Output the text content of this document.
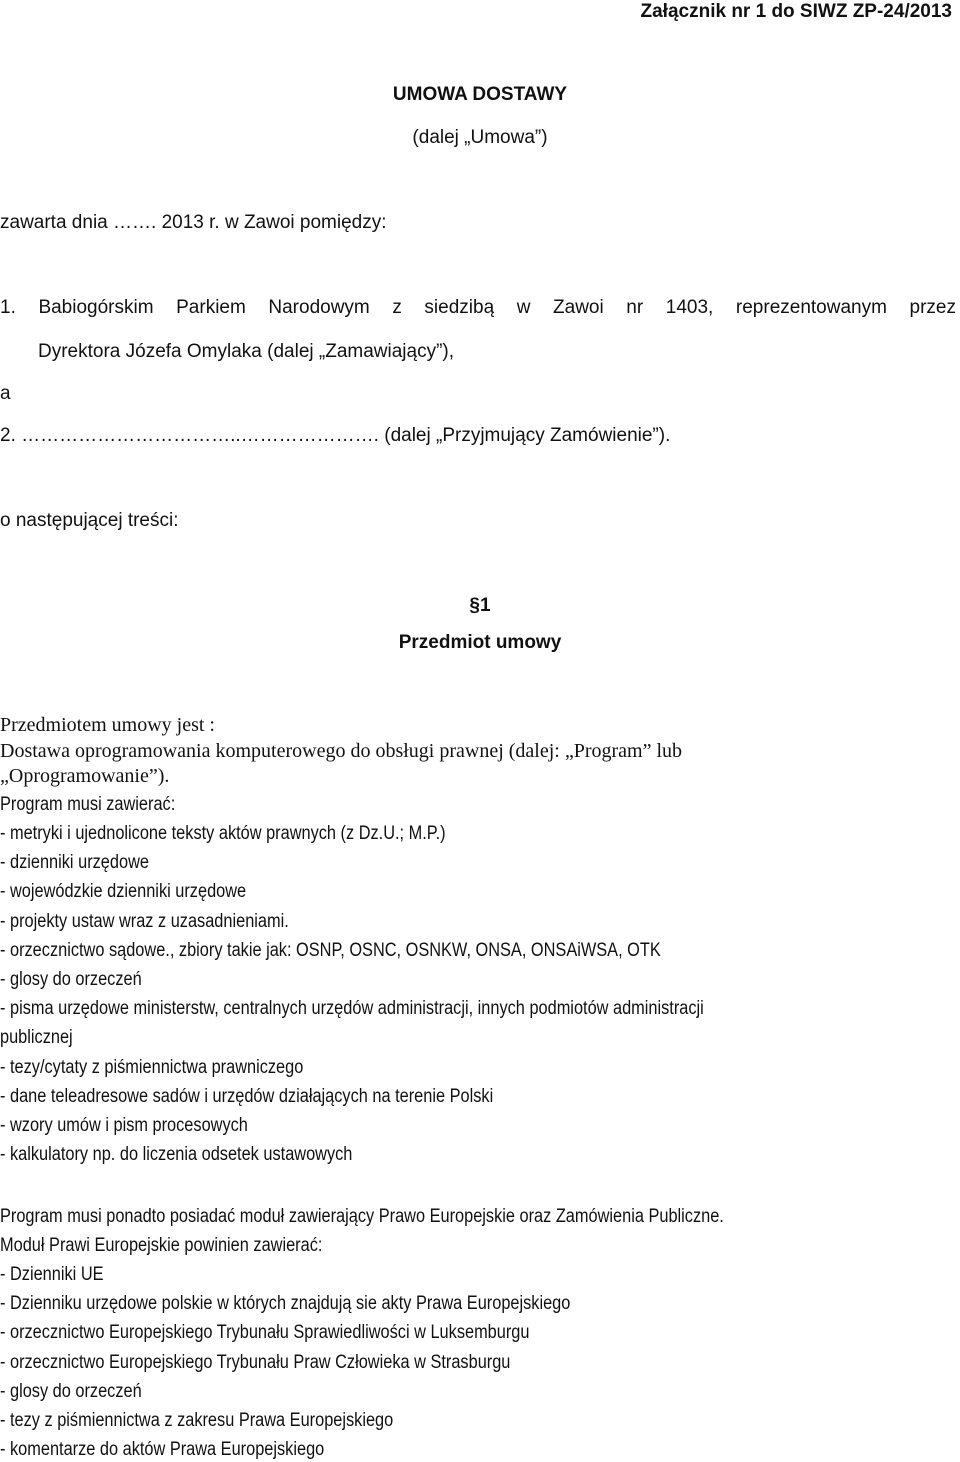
Załącznik nr 1 do SIWZ ZP-24/2013
UMOWA DOSTAWY
(dalej „Umowa”)
zawarta dnia ……. 2013 r. w Zawoi pomiędzy:
1. Babiogórskim Parkiem Narodowym z siedzibą w Zawoi nr 1403, reprezentowanym przez
Dyrektora Józefa Omylaka (dalej „Zamawiający”),
a
2. ……………………………..…………………. (dalej „Przyjmujący Zamówienie”).
o następującej treści:
§1
Przedmiot umowy
Przedmiotem umowy jest :
Dostawa oprogramowania komputerowego do obsługi prawnej (dalej: „Program” lub
„Oprogramowanie”).
Program musi zawierać:
- metryki i ujednolicone teksty aktów prawnych (z Dz.U.; M.P.)
- dzienniki urzędowe
- wojewódzkie dzienniki urzędowe
- projekty ustaw wraz z uzasadnieniami.
- orzecznictwo sądowe., zbiory takie jak: OSNP, OSNC, OSNKW, ONSA, ONSAiWSA, OTK
- glosy do orzeczeń
- pisma urzędowe ministerstw, centralnych urzędów administracji, innych podmiotów administracji
publicznej
- tezy/cytaty z piśmiennictwa prawniczego
- dane teleadresowe sadów i urzędów działających na terenie Polski
- wzory umów i pism procesowych
- kalkulatory np. do liczenia odsetek ustawowych
Program musi ponadto posiadać moduł zawierający Prawo Europejskie oraz Zamówienia Publiczne.
Moduł Prawi Europejskie powinien zawierać:
- Dzienniki UE
- Dzienniku urzędowe polskie w których znajdują sie akty Prawa Europejskiego
- orzecznictwo Europejskiego Trybunału Sprawiedliwości w Luksemburgu
- orzecznictwo Europejskiego Trybunału Praw Człowieka w Strasburgu
- glosy do orzeczeń
- tezy z piśmiennictwa z zakresu Prawa Europejskiego
- komentarze do aktów Prawa Europejskiego
